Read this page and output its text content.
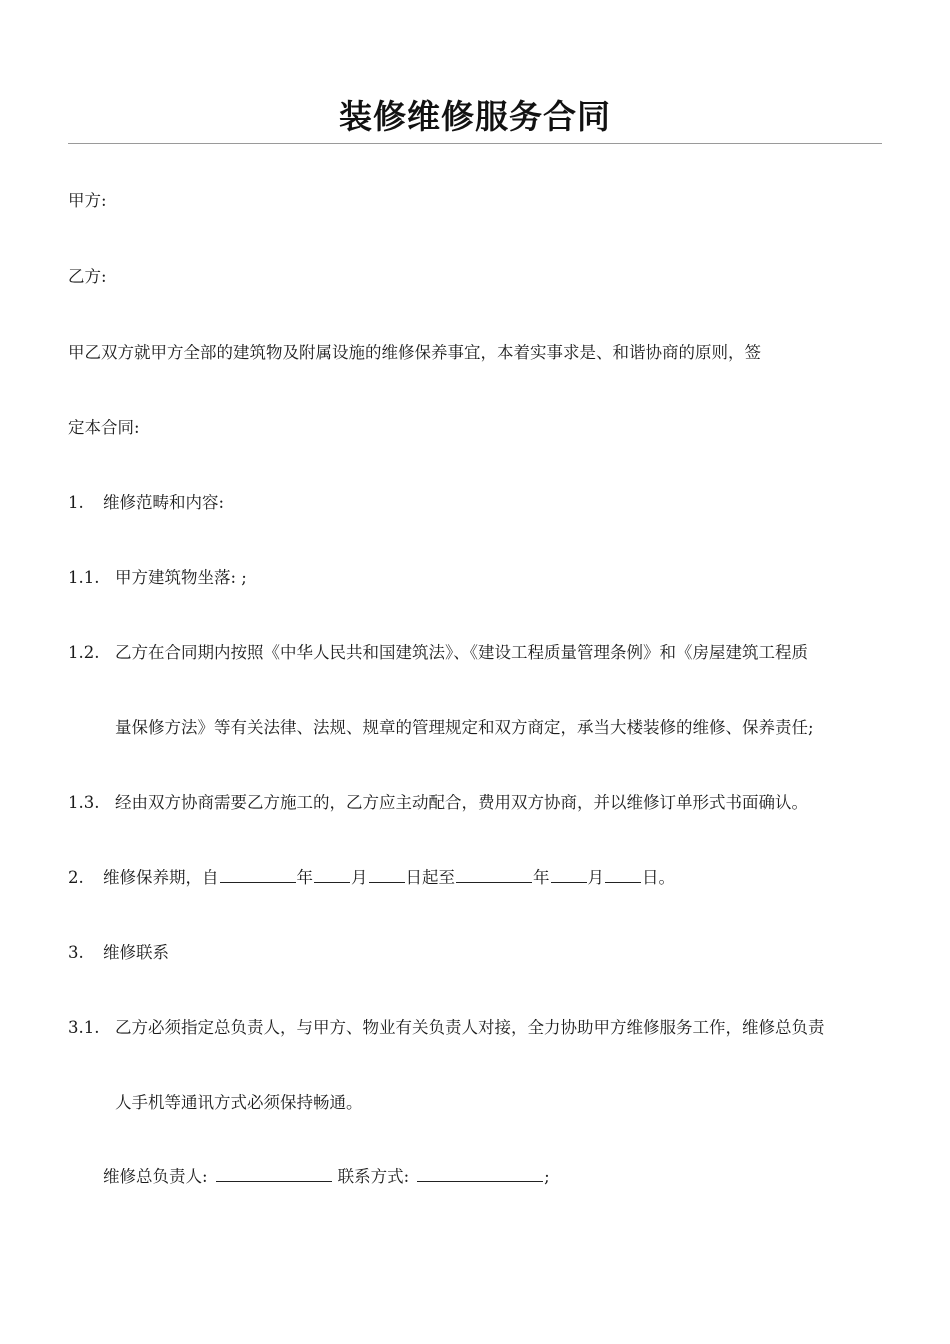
装修维修服务合同
甲方:
乙方:
甲乙双方就甲方全部的建筑物及附属设施的维修保养事宜，本着实事求是、和谐协商的原则，签
定本合同:
1. 维修范畴和内容:
1.1. 甲方建筑物坐落: ;
1.2. 乙方在合同期内按照《中华人民共和国建筑法》、《建设工程质量管理条例》和《房屋建筑工程质
量保修方法》等有关法律、法规、规章的管理规定和双方商定，承当大楼装修的维修、保养责任;
1.3. 经由双方协商需要乙方施工的，乙方应主动配合，费用双方协商，并以维修订单形式书面确认。
2. 维修保养期，自	年 月 日起至	年 月 日。
3. 维修联系
3.1. 乙方必须指定总负责人，与甲方、物业有关负责人对接，全力协助甲方维修服务工作，维修总负责
人手机等通讯方式必须保持畅通。
维修总负责人:	联系方式:	;
